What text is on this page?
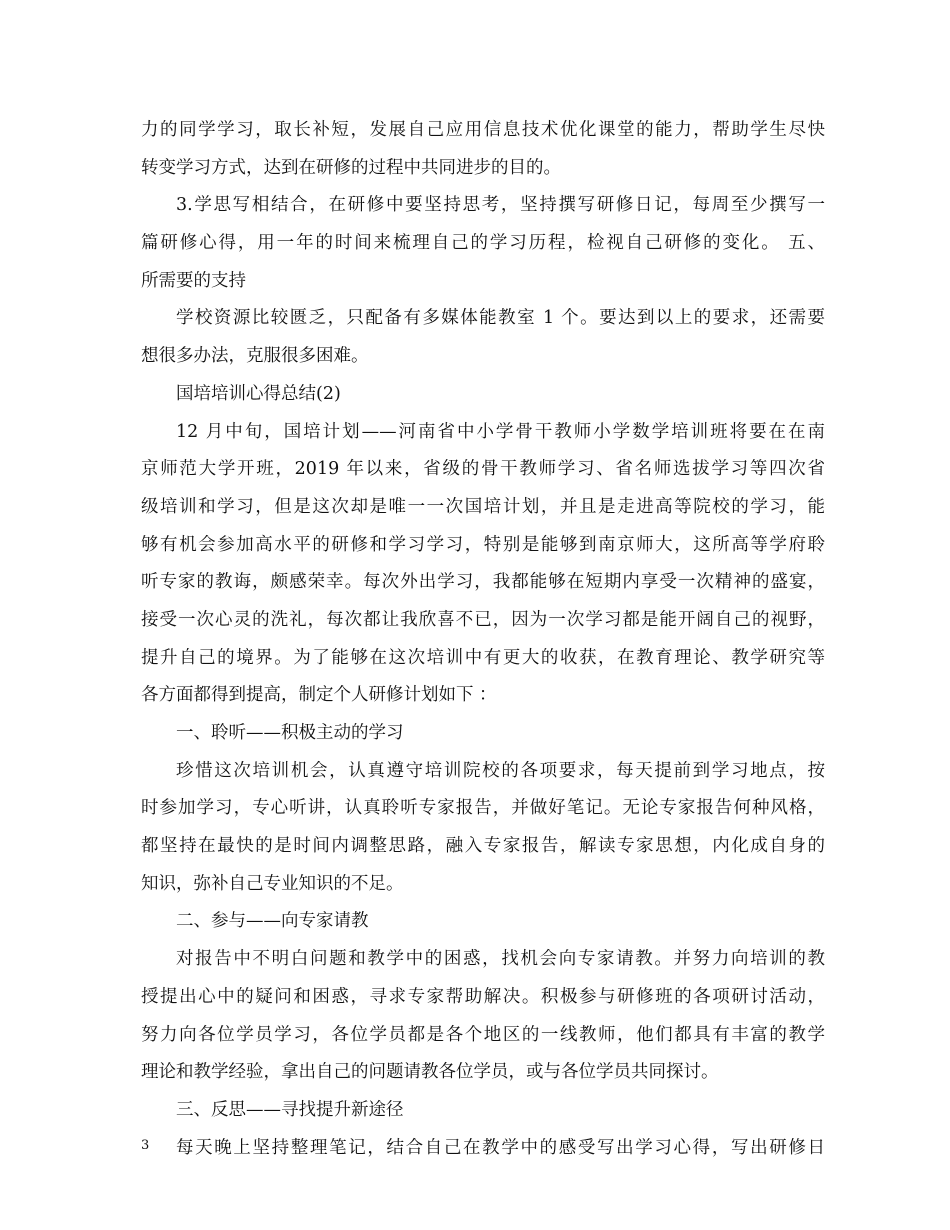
力的同学学习，取长补短，发展自己应用信息技术优化课堂的能力，帮助学生尽快
转变学习方式，达到在研修的过程中共同进步的目的。
3.学思写相结合，在研修中要坚持思考，坚持撰写研修日记，每周至少撰写一
篇研修心得，用一年的时间来梳理自己的学习历程，检视自己研修的变化。 五、
所需要的支持
学校资源比较匮乏，只配备有多媒体能教室 1 个。要达到以上的要求，还需要
想很多办法，克服很多困难。
国培培训心得总结(2)
12 月中旬，国培计划——河南省中小学骨干教师小学数学培训班将要在在南
京师范大学开班，2019 年以来，省级的骨干教师学习、省名师选拔学习等四次省
级培训和学习，但是这次却是唯一一次国培计划，并且是走进高等院校的学习，能
够有机会参加高水平的研修和学习学习，特别是能够到南京师大，这所高等学府聆
听专家的教诲，颇感荣幸。每次外出学习，我都能够在短期内享受一次精神的盛宴，
接受一次心灵的洗礼，每次都让我欣喜不已，因为一次学习都是能开阔自己的视野，
提升自己的境界。为了能够在这次培训中有更大的收获，在教育理论、教学研究等
各方面都得到提高，制定个人研修计划如下 ：
一、聆听——积极主动的学习
珍惜这次培训机会，认真遵守培训院校的各项要求，每天提前到学习地点，按
时参加学习，专心听讲，认真聆听专家报告，并做好笔记。无论专家报告何种风格，
都坚持在最快的是时间内调整思路，融入专家报告，解读专家思想，内化成自身的
知识，弥补自己专业知识的不足。
二、参与——向专家请教
对报告中不明白问题和教学中的困惑，找机会向专家请教。并努力向培训的教
授提出心中的疑问和困惑，寻求专家帮助解决。积极参与研修班的各项研讨活动，
努力向各位学员学习，各位学员都是各个地区的一线教师，他们都具有丰富的教学
理论和教学经验，拿出自己的问题请教各位学员，或与各位学员共同探讨。
三、反思——寻找提升新途径
每天晚上坚持整理笔记，结合自己在教学中的感受写出学习心得，写出研修日
3
